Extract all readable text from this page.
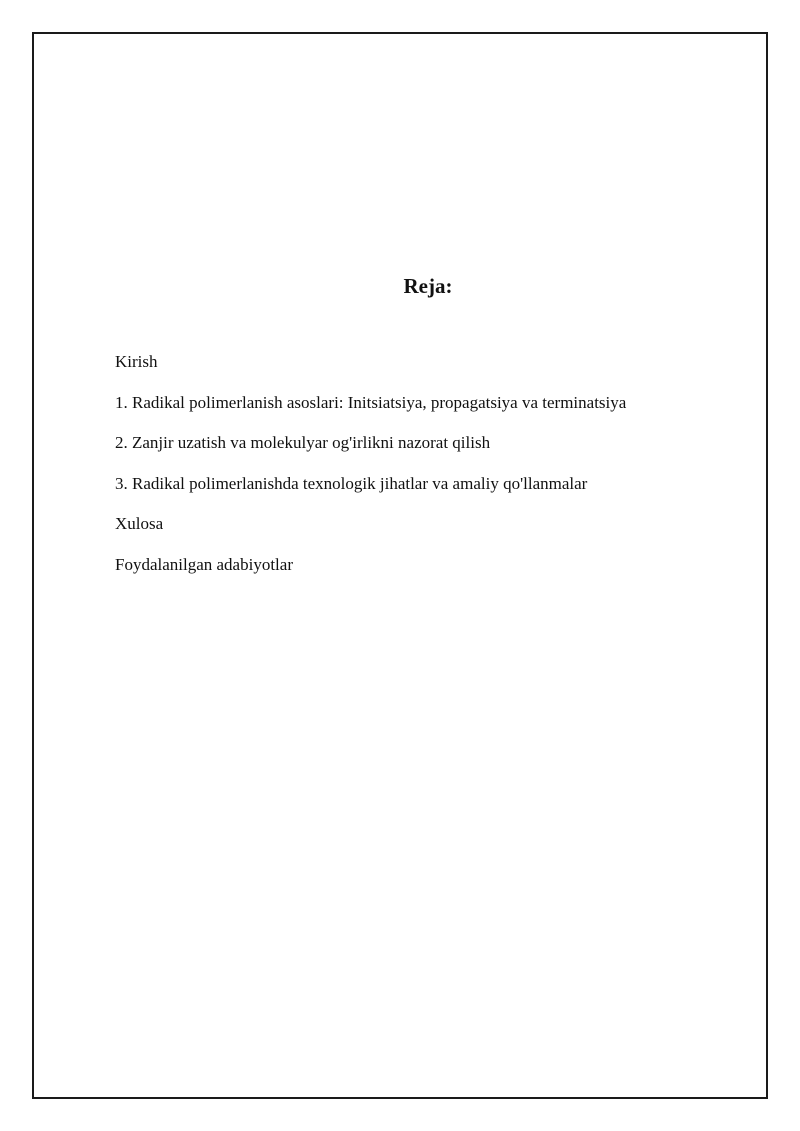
Reja:
Kirish
1. Radikal polimerlanish asoslari: Initsiatsiya, propagatsiya va terminatsiya
2. Zanjir uzatish va molekulyar og'irlikni nazorat qilish
3. Radikal polimerlanishda texnologik jihatlar va amaliy qo'llanmalar
Xulosa
Foydalanilgan adabiyotlar
